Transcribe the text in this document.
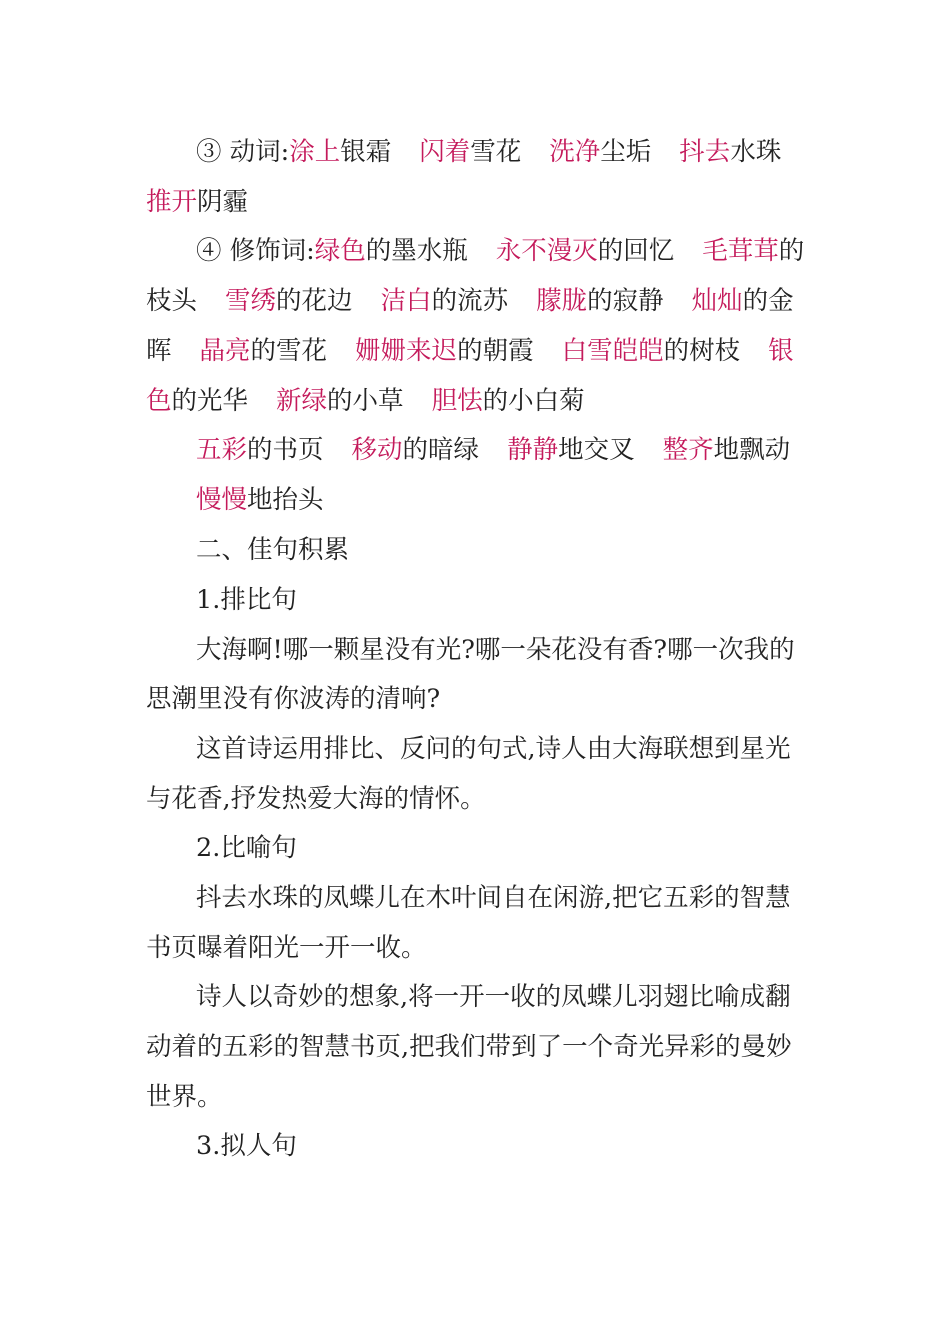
③ 动词:涂上银霜 闪着雪花 洗净尘垢 抖去水珠
推开阴霾
④ 修饰词:绿色的墨水瓶 永不漫灭的回忆 毛茸茸的
枝头 雪绣的花边 洁白的流苏 朦胧的寂静 灿灿的金
晖 晶亮的雪花 姗姗来迟的朝霞 白雪皑皑的树枝 银
色的光华 新绿的小草 胆怯的小白菊
五彩的书页 移动的暗绿 静静地交叉 整齐地飘动
慢慢地抬头
二、佳句积累
1.排比句
大海啊!哪一颗星没有光?哪一朵花没有香?哪一次我的
思潮里没有你波涛的清响?
这首诗运用排比、反问的句式,诗人由大海联想到星光
与花香,抒发热爱大海的情怀。
2.比喻句
抖去水珠的凤蝶儿在木叶间自在闲游,把它五彩的智慧
书页曝着阳光一开一收。
诗人以奇妙的想象,将一开一收的凤蝶儿羽翅比喻成翻
动着的五彩的智慧书页,把我们带到了一个奇光异彩的曼妙
世界。
3.拟人句
